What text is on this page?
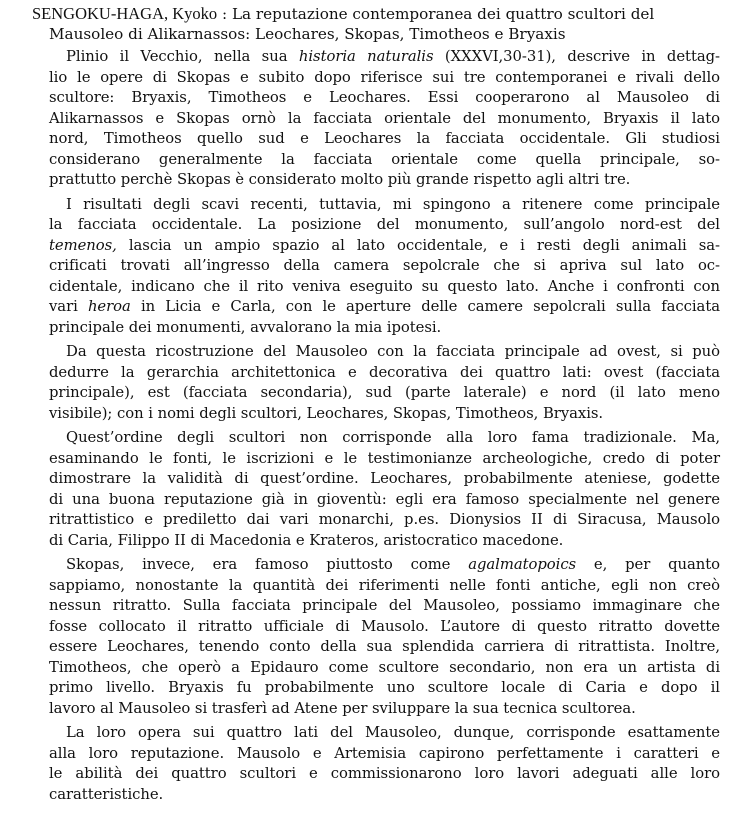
SENGOKU-HAGA, Kyoko : La reputazione contemporanea dei quattro scultori del
Mausoleo di Alikarnassos: Leochares, Skopas, Timotheos e Bryaxis
Plinio il Vecchio, nella sua historia naturalis (XXXVI,30-31), descrive in dettag-
lio le opere di Skopas e subito dopo riferisce sui tre contemporanei e rivali dello
scultore: Bryaxis, Timotheos e Leochares. Essi cooperarono al Mausoleo di
Alikarnassos e Skopas ornò la facciata orientale del monumento, Bryaxis il lato
nord, Timotheos quello sud e Leochares la facciata occidentale. Gli studiosi
considerano generalmente la facciata orientale come quella principale, so-
prattutto perchè Skopas è considerato molto più grande rispetto agli altri tre.
I risultati degli scavi recenti, tuttavia, mi spingono a ritenere come principale
la facciata occidentale. La posizione del monumento, sull’angolo nord-est del
temenos, lascia un ampio spazio al lato occidentale, e i resti degli animali sa-
crificati trovati all’ingresso della camera sepolcrale che si apriva sul lato oc-
cidentale, indicano che il rito veniva eseguito su questo lato. Anche i confronti con
vari heroa in Licia e Carla, con le aperture delle camere sepolcrali sulla facciata
principale dei monumenti, avvalorano la mia ipotesi.
Da questa ricostruzione del Mausoleo con la facciata principale ad ovest, si può
dedurre la gerarchia architettonica e decorativa dei quattro lati: ovest (facciata
principale), est (facciata secondaria), sud (parte laterale) e nord (il lato meno
visibile); con i nomi degli scultori, Leochares, Skopas, Timotheos, Bryaxis.
Quest’ordine degli scultori non corrisponde alla loro fama tradizionale. Ma,
esaminando le fonti, le iscrizioni e le testimonianze archeologiche, credo di poter
dimostrare la validità di quest’ordine. Leochares, probabilmente ateniese, godette
di una buona reputazione già in gioventù: egli era famoso specialmente nel genere
ritrattistico e prediletto dai vari monarchi, p.es. Dionysios II di Siracusa, Mausolo
di Caria, Filippo II di Macedonia e Krateros, aristocratico macedone.
Skopas, invece, era famoso piuttosto come agalmatopoics e, per quanto
sappiamo, nonostante la quantità dei riferimenti nelle fonti antiche, egli non creò
nessun ritratto. Sulla facciata principale del Mausoleo, possiamo immaginare che
fosse collocato il ritratto ufficiale di Mausolo. L’autore di questo ritratto dovette
essere Leochares, tenendo conto della sua splendida carriera di ritrattista. Inoltre,
Timotheos, che operò a Epidauro come scultore secondario, non era un artista di
primo livello. Bryaxis fu probabilmente uno scultore locale di Caria e dopo il
lavoro al Mausoleo si trasferì ad Atene per sviluppare la sua tecnica scultorea.
La loro opera sui quattro lati del Mausoleo, dunque, corrisponde esattamente
alla loro reputazione. Mausolo e Artemisia capirono perfettamente i caratteri e
le abilità dei quattro scultori e commissionarono loro lavori adeguati alle loro
caratteristiche.
